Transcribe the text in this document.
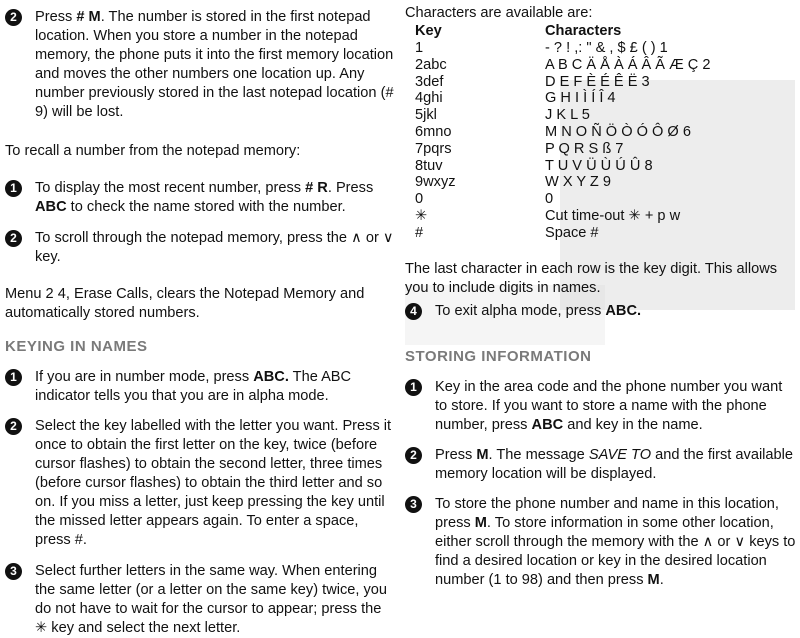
2	Press # M. The number is stored in the first notepad location. When you store a number in the notepad memory, the phone puts it into the first memory location and moves the other numbers one location up. Any number previously stored in the last notepad location (# 9) will be lost.
To recall a number from the notepad memory:
1	To display the most recent number, press # R. Press ABC to check the name stored with the number.
2	To scroll through the notepad memory, press the ∧ or ∨ key.
Menu 2 4, Erase Calls, clears the Notepad Memory and automatically stored numbers.
KEYING IN NAMES
1	If you are in number mode, press ABC. The ABC indicator tells you that you are in alpha mode.
2	Select the key labelled with the letter you want. Press it once to obtain the first letter on the key, twice (before cursor flashes) to obtain the second letter, three times (before cursor flashes) to obtain the third letter and so on. If you miss a letter, just keep pressing the key until the missed letter appears again. To enter a space, press #.
3	Select further letters in the same way. When entering the same letter (or a letter on the same key) twice, you do not have to wait for the cursor to appear; press the ✳ key and select the next letter.
Characters are available are:
Key	Characters
1	- ? ! ,: " & , $ £ ( ) 1
2abc	A B C Ä Å À Á Â Ã Æ Ç 2
3def	D E F È É Ê Ë 3
4ghi	G H I Ì Í Î 4
5jkl	J K L 5
6mno	M N O Ñ Ö Ò Ó Ô Ø 6
7pqrs	P Q R S ß 7
8tuv	T U V Ü Ù Ú Û 8
9wxyz	W X Y Z 9
0	0
✳	Cut time-out ✳ + p w
#	Space #
The last character in each row is the key digit. This allows you to include digits in names.
4	To exit alpha mode, press ABC.
STORING INFORMATION
1	Key in the area code and the phone number you want to store. If you want to store a name with the phone number, press ABC and key in the name.
2	Press M. The message SAVE TO and the first available memory location will be displayed.
3	To store the phone number and name in this location, press M. To store information in some other location, either scroll through the memory with the ∧ or ∨ keys to find a desired location or key in the desired location number (1 to 98) and then press M.
